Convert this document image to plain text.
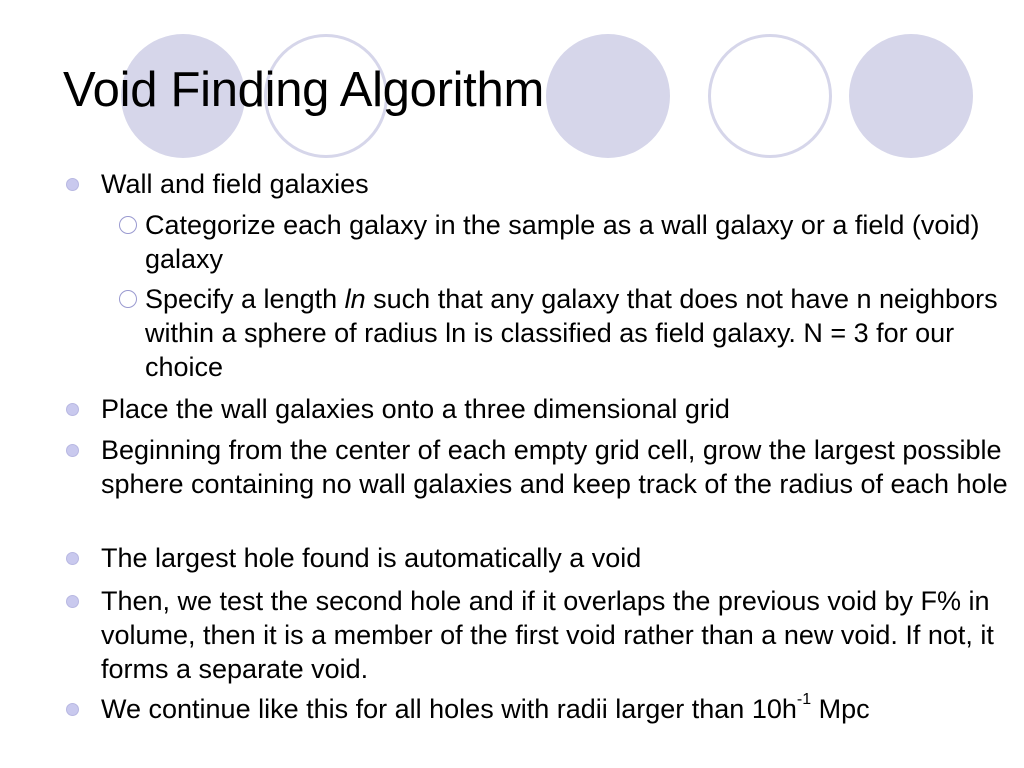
Void Finding Algorithm
Wall and field galaxies
Categorize each galaxy in the sample as a wall galaxy or a field (void) galaxy
Specify a length ln such that any galaxy that does not have n neighbors within a sphere of radius ln is classified as field galaxy. N = 3 for our choice
Place the wall galaxies onto a three dimensional grid
Beginning from the center of each empty grid cell, grow the largest possible sphere containing no wall galaxies and keep track of the radius of each hole
The largest hole found is automatically a void
Then, we test the second hole and if it overlaps the previous void by F% in volume, then it is a member of the first void rather than a new void. If not, it forms a separate void.
We continue like this for all holes with radii larger than $10h^{-1}$ Mpc
